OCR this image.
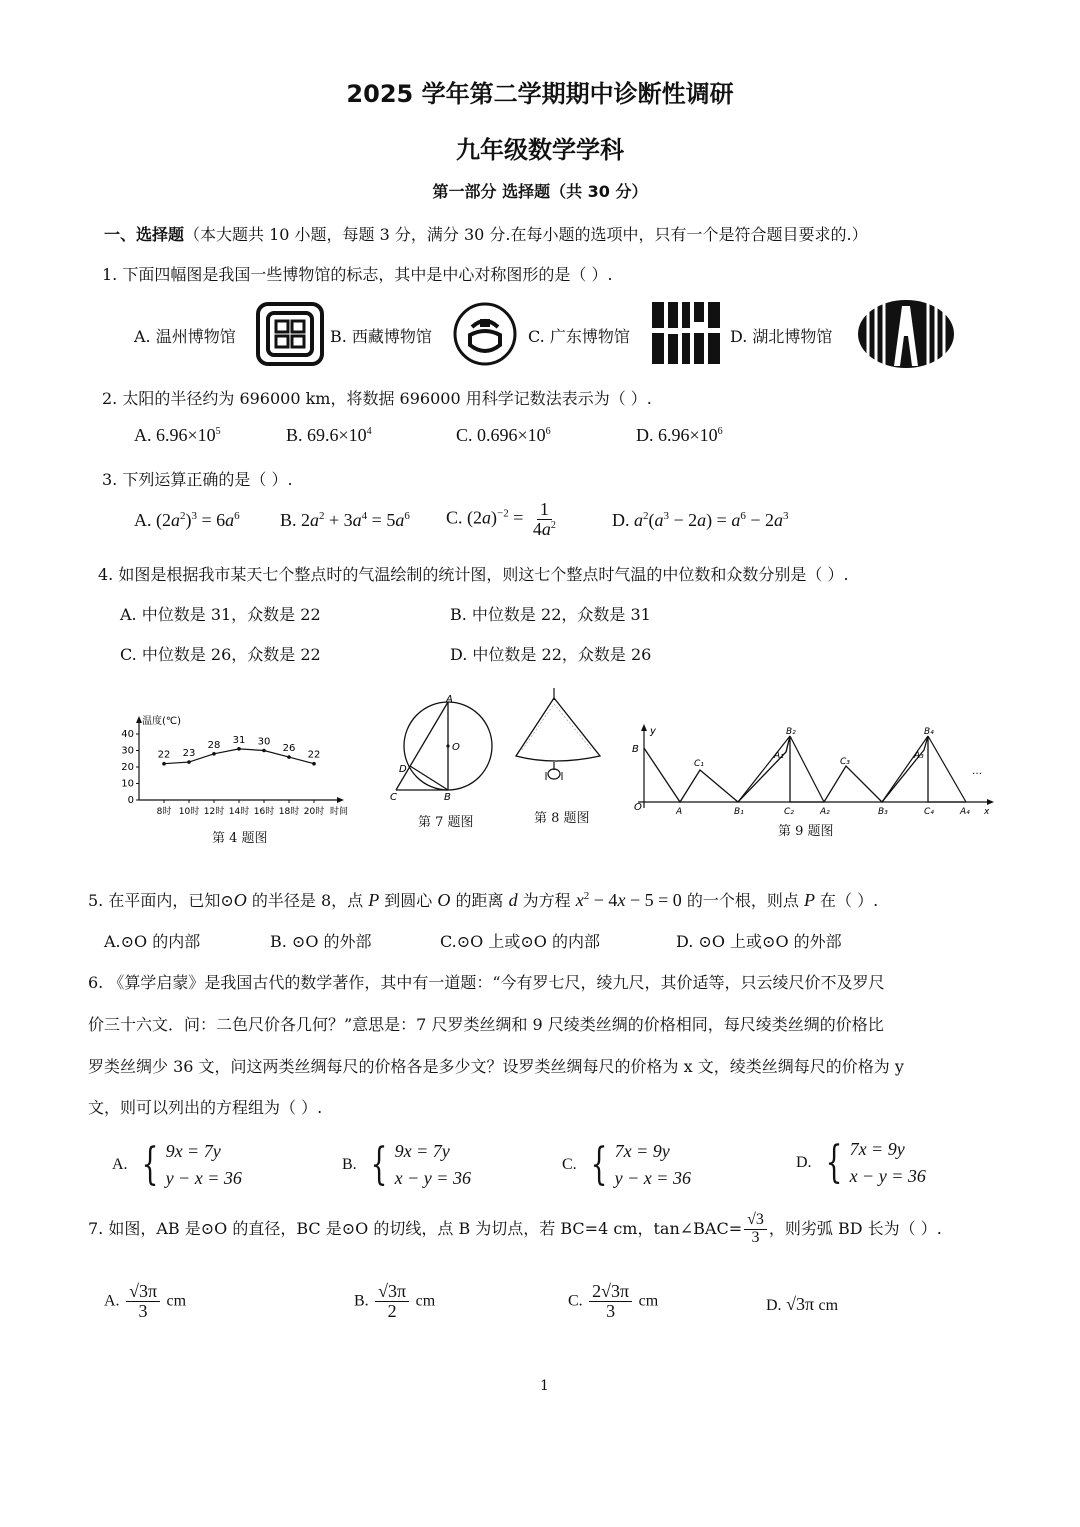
2025 学年第二学期期中诊断性调研
九年级数学学科
第一部分 选择题（共 30 分）
一、选择题（本大题共 10 小题，每题 3 分，满分 30 分.在每小题的选项中，只有一个是符合题目要求的.）
1. 下面四幅图是我国一些博物馆的标志，其中是中心对称图形的是（ ）.
A. 温州博物馆	B. 西藏博物馆	C. 广东博物馆	D. 湖北博物馆
2. 太阳的半径约为 696000 km，将数据 696000 用科学记数法表示为（ ）.
A. $6.96\times 10^5$	B. $69.6\times 10^4$	C. $0.696\times 10^6$	D. $6.96\times 10^6$
3. 下列运算正确的是（ ）.
A. $(2a^2)^3 = 6a^6$ B. $2a^2 + 3a^4 = 5a^6$ C. $(2a)^{-2} = \frac{1}{4a^2}$	D. $a^2(a^3 - 2a) = a^6 - 2a^3$
4. 如图是根据我市某天七个整点时的气温绘制的统计图，则这七个整点时气温的中位数和众数分别是（ ）.
A. 中位数是 31，众数是 22	B. 中位数是 22，众数是 31
C. 中位数是 26，众数是 22	D. 中位数是 22，众数是 26
温度(℃)
时间
0
10
20
30
40
22
8时
23
10时
28
12时
31
14时
30
16时
26
18时
22
20时
第 4 题图
A
O
D
C	B
第 7 题图	第 8 题图
y
B
O	A
C₁
B₁
A₁
B₂
C₂	A₂
C₃
B₃
A₃
B₄
C₄	A₄ x
…
第 9 题图
5. 在平面内，已知⊙O 的半径是 8，点 P 到圆心 O 的距离 d 为方程 $x^2 - 4x - 5 = 0$ 的一个根，则点 P 在（ ）.
A.⊙O 的内部	B. ⊙O 的外部	C.⊙O 上或⊙O 的内部	D. ⊙O 上或⊙O 的外部
6. 《算学启蒙》是我国古代的数学著作，其中有一道题：“今有罗七尺，绫九尺，其价适等，只云绫尺价不及罗尺
价三十六文．问：二色尺价各几何？”意思是：7 尺罗类丝绸和 9 尺绫类丝绸的价格相同，每尺绫类丝绸的价格比
罗类丝绸少 36 文，问这两类丝绸每尺的价格各是多少文？设罗类丝绸每尺的价格为 x 文，绫类丝绸每尺的价格为 y
文，则可以列出的方程组为（ ）.
A. { 9x = 7y
y − x = 36
B. { 9x = 7y
x − y = 36
C. { 7x = 9y
y − x = 36
D. { 7x = 9y
x − y = 36
7. 如图，AB 是⊙O 的直径，BC 是⊙O 的切线，点 B 为切点，若 BC=4 cm，tan∠BAC= $\frac{√3}{3}$ ，则劣弧 BD 长为（ ）.
A. $\frac{√3\pi}{3}$ cm	B. $\frac{√3\pi}{2}$ cm	C. $\frac{2√3\pi}{3}$ cm	D. √3π cm
1
